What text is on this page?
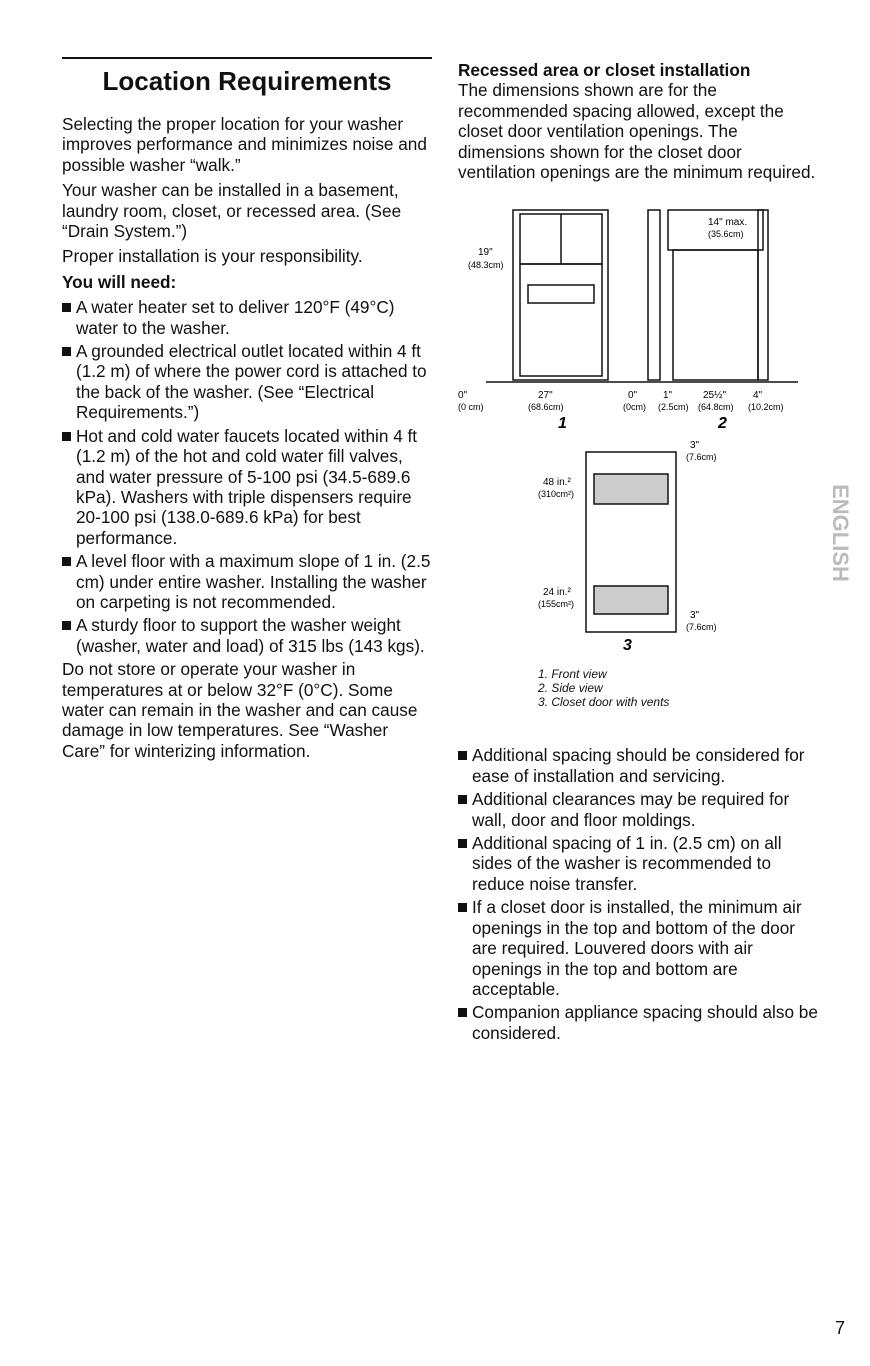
Location Requirements

Selecting the proper location for your washer improves performance and minimizes noise and possible washer “walk.”

Your washer can be installed in a basement, laundry room, closet, or recessed area. (See “Drain System.”)

Proper installation is your responsibility.

You will need:
A water heater set to deliver 120°F (49°C) water to the washer.
A grounded electrical outlet located within 4 ft (1.2 m) of where the power cord is attached to the back of the washer. (See “Electrical Requirements.”)
Hot and cold water faucets located within 4 ft (1.2 m) of the hot and cold water fill valves, and water pressure of 5-100 psi (34.5-689.6 kPa). Washers with triple dispensers require 20-100 psi (138.0-689.6 kPa) for best performance.
A level floor with a maximum slope of 1 in. (2.5 cm) under entire washer. Installing the washer on carpeting is not recommended.
A sturdy floor to support the washer weight (washer, water and load) of 315 lbs (143 kgs).

Do not store or operate your washer in temperatures at or below 32°F (0°C). Some water can remain in the washer and can cause damage in low temperatures. See “Washer Care” for winterizing information.

Recessed area or closet installation

The dimensions shown are for the recommended spacing allowed, except the closet door ventilation openings. The dimensions shown for the closet door ventilation openings are the minimum required.

19"
(48.3cm)
0"
(0 cm)
27"
(68.6cm)
14" max.
(35.6cm)
0"
(0cm)
1"
(2.5cm)
25½"
(64.8cm)
4"
(10.2cm)
48 in.²
(310cm²)
24 in.²
(155cm²)
3"
(7.6cm)
3"
(7.6cm)
1	2
3
1. Front view
2. Side view
3. Closet door with vents
Additional spacing should be considered for ease of installation and servicing.
Additional clearances may be required for wall, door and floor moldings.
Additional spacing of 1 in. (2.5 cm) on all sides of the washer is recommended to reduce noise transfer.
If a closet door is installed, the minimum air openings in the top and bottom of the door are required. Louvered doors with air openings in the top and bottom are acceptable.
Companion appliance spacing should also be considered.
ENGLISH
7
